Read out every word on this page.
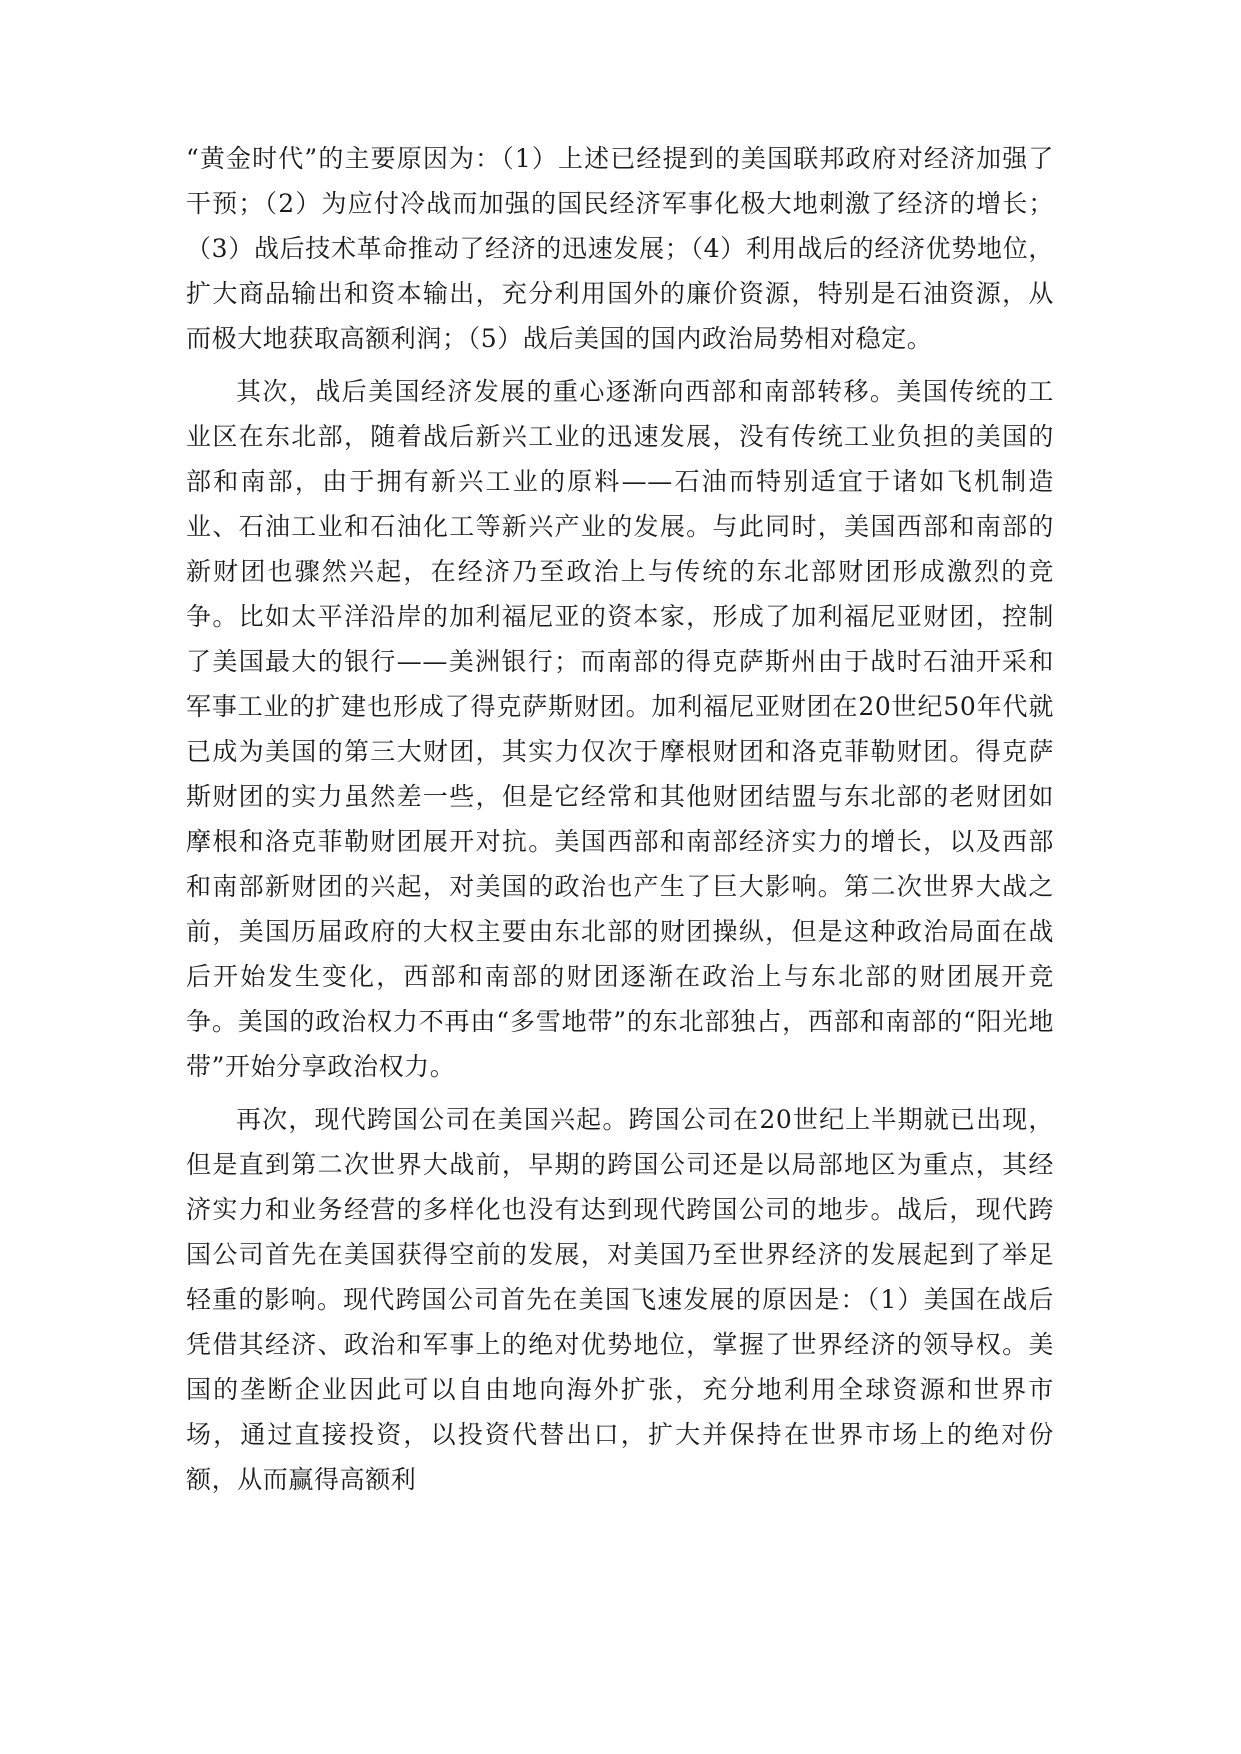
“黄金时代”的主要原因为：（1）上述已经提到的美国联邦政府对经济加强了干预；（2）为应付冷战而加强的国民经济军事化极大地刺激了经济的增长；（3）战后技术革命推动了经济的迅速发展；（4）利用战后的经济优势地位，扩大商品输出和资本输出，充分利用国外的廉价资源，特别是石油资源，从而极大地获取高额利润；（5）战后美国的国内政治局势相对稳定。

其次，战后美国经济发展的重心逐渐向西部和南部转移。美国传统的工业区在东北部，随着战后新兴工业的迅速发展，没有传统工业负担的美国的部和南部，由于拥有新兴工业的原料——石油而特别适宜于诸如飞机制造业、石油工业和石油化工等新兴产业的发展。与此同时，美国西部和南部的新财团也骤然兴起，在经济乃至政治上与传统的东北部财团形成激烈的竞争。比如太平洋沿岸的加利福尼亚的资本家，形成了加利福尼亚财团，控制了美国最大的银行——美洲银行；而南部的得克萨斯州由于战时石油开采和军事工业的扩建也形成了得克萨斯财团。加利福尼亚财团在20世纪50年代就已成为美国的第三大财团，其实力仅次于摩根财团和洛克菲勒财团。得克萨斯财团的实力虽然差一些，但是它经常和其他财团结盟与东北部的老财团如摩根和洛克菲勒财团展开对抗。美国西部和南部经济实力的增长，以及西部和南部新财团的兴起，对美国的政治也产生了巨大影响。第二次世界大战之前，美国历届政府的大权主要由东北部的财团操纵，但是这种政治局面在战后开始发生变化，西部和南部的财团逐渐在政治上与东北部的财团展开竞争。美国的政治权力不再由“多雪地带”的东北部独占，西部和南部的“阳光地带”开始分享政治权力。

再次，现代跨国公司在美国兴起。跨国公司在20世纪上半期就已出现，但是直到第二次世界大战前，早期的跨国公司还是以局部地区为重点，其经济实力和业务经营的多样化也没有达到现代跨国公司的地步。战后，现代跨国公司首先在美国获得空前的发展，对美国乃至世界经济的发展起到了举足轻重的影响。现代跨国公司首先在美国飞速发展的原因是：（1）美国在战后凭借其经济、政治和军事上的绝对优势地位，掌握了世界经济的领导权。美国的垄断企业因此可以自由地向海外扩张，充分地利用全球资源和世界市场，通过直接投资，以投资代替出口，扩大并保持在世界市场上的绝对份额，从而赢得高额利
